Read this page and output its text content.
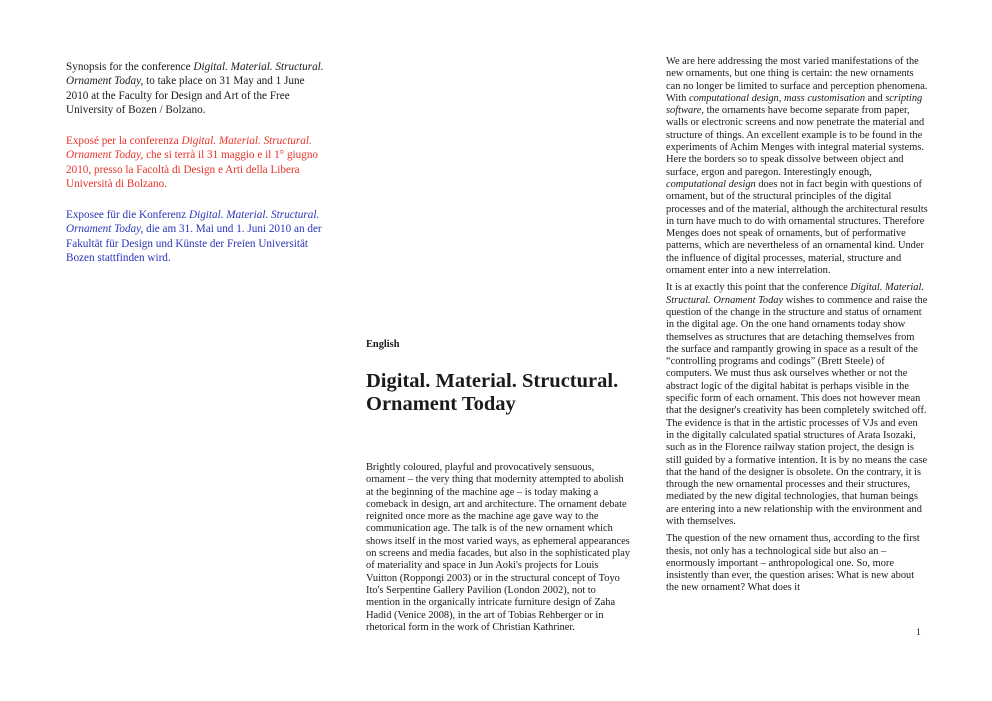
Synopsis for the conference Digital. Material. Structural. Ornament Today, to take place on 31 May and 1 June 2010 at the Faculty for Design and Art of the Free University of Bozen / Bolzano.
Exposé per la conferenza Digital. Material. Structural. Ornament Today, che si terrà il 31 maggio e il 1° giugno 2010, presso la Facoltà di Design e Arti della Libera Università di Bolzano.
Exposee für die Konferenz Digital. Material. Structural. Ornament Today, die am 31. Mai und 1. Juni 2010 an der Fakultät für Design und Künste der Freien Universität Bozen stattfinden wird.
English
Digital. Material. Structural. Ornament Today

Brightly coloured, playful and provocatively sensuous, ornament – the very thing that modernity attempted to abolish at the beginning of the machine age – is today making a comeback in design, art and architecture. The ornament debate reignited once more as the machine age gave way to the communication age. The talk is of the new ornament which shows itself in the most varied ways, as ephemeral appearances on screens and media facades, but also in the sophisticated play of materiality and space in Jun Aoki's projects for Louis Vuitton (Roppongi 2003) or in the structural concept of Toyo Ito's Serpentine Gallery Pavilion (London 2002), not to mention in the organically intricate furniture design of Zaha Hadid (Venice 2008), in the art of Tobias Rehberger or in rhetorical form in the work of Christian Kathriner.

We are here addressing the most varied manifestations of the new ornaments, but one thing is certain: the new ornaments can no longer be limited to surface and perception phenomena. With computational design, mass customisation and scripting software, the ornaments have become separate from paper, walls or electronic screens and now penetrate the material and structure of things. An excellent example is to be found in the experiments of Achim Menges with integral material systems. Here the borders so to speak dissolve between object and surface, ergon and paregon. Interestingly enough, computational design does not in fact begin with questions of ornament, but of the structural principles of the digital processes and of the material, although the architectural results in turn have much to do with ornamental structures. Therefore Menges does not speak of ornaments, but of performative patterns, which are nevertheless of an ornamental kind. Under the influence of digital processes, material, structure and ornament enter into a new interrelation.

It is at exactly this point that the conference Digital. Material. Structural. Ornament Today wishes to commence and raise the question of the change in the structure and status of ornament in the digital age. On the one hand ornaments today show themselves as structures that are detaching themselves from the surface and rampantly growing in space as a result of the “controlling programs and codings” (Brett Steele) of computers. We must thus ask ourselves whether or not the abstract logic of the digital habitat is perhaps visible in the specific form of each ornament. This does not however mean that the designer's creativity has been completely switched off. The evidence is that in the artistic processes of VJs and even in the digitally calculated spatial structures of Arata Isozaki, such as in the Florence railway station project, the design is still guided by a formative intention. It is by no means the case that the hand of the designer is obsolete. On the contrary, it is through the new ornamental processes and their structures, mediated by the new digital technologies, that human beings are entering into a new relationship with the environment and with themselves.

The question of the new ornament thus, according to the first thesis, not only has a technological side but also an – enormously important – anthropological one. So, more insistently than ever, the question arises: What is new about the new ornament? What does it

1
